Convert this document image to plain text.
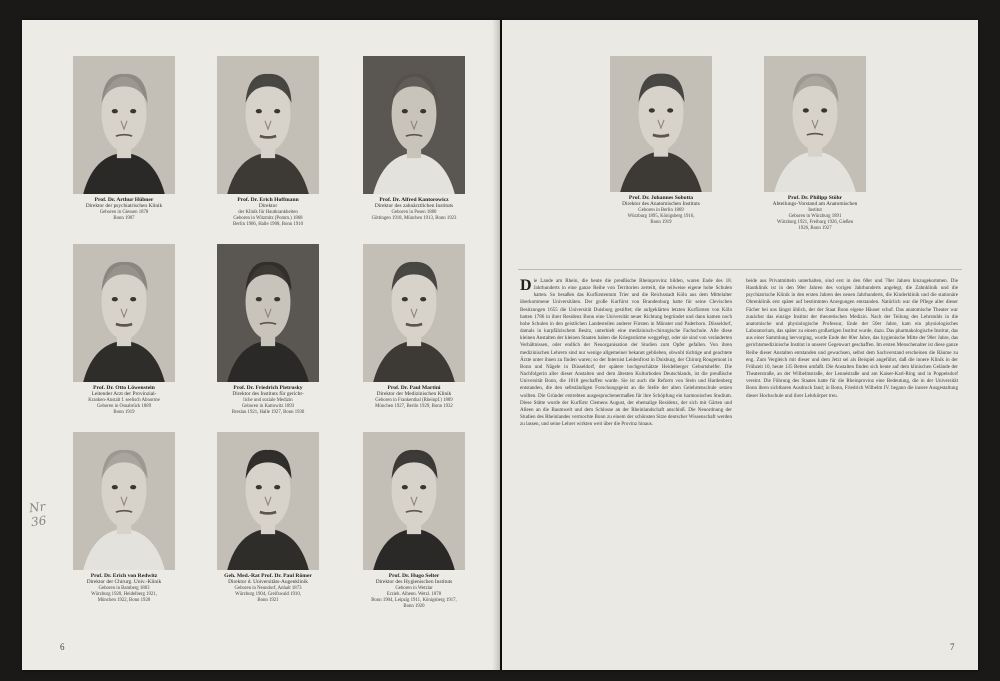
Prof. Dr. Arthur Hübner
Direktor der psychiatrischen Klinik
Geboren in Giessen 1878
Bonn 1907
Prof. Dr. Erich Hoffmann
Direktor
der Klinik für Hautkrankheiten
Geboren in Witzmitz (Pomm.) 1868
Berlin 1906, Halle 1908, Bonn 1910
Prof. Dr. Alfred Kantorowicz
Direktor des zahnärztlichen Instituts
Geboren in Posen 1880
Göttingen 1918, München 1913, Bonn 1923
Prof. Dr. Otto Löwenstein
Leitender Arzt der Provinzial-
Kranken-Anstalt f. seelisch Abnorme
Geboren in Osnabrück 1889
Bonn 1919
Prof. Dr. Friedrich Pietrusky
Direktor des Instituts für gericht-
liche und soziale Medizin
Geboren in Kattowitz 1893
Breslau 1921, Halle 1927, Bonn 1930
Prof. Dr. Paul Martini
Direktor der Medizinischen Klinik
Geboren in Frankenthal (Rheinpf.) 1889
München 1927, Berlin 1929, Bonn 1932
Prof. Dr. Erich von Redwitz
Direktor der Chirurg. Univ.-Klinik
Geboren in Bamberg 1883
Würzburg 1920, Heidelberg 1921,
München 1922, Bonn 1928
Geh. Med.-Rat Prof. Dr. Paul Römer
Direktor d. Universitäts-Augenklinik
Geboren in Neundorf, Anhalt 1873
Würzburg 1904, Greifswald 1910,
Bonn 1921
Prof. Dr. Hugo Selter
Direktor des Hygienischen Instituts
Geboren in Wetzlar
Erzieh. Alhenn. Wetzl. 1878
Bonn 1904, Leipzig 1911, Königsberg 1917,
Bonn 1920
Nr 36
6
Prof. Dr. Johannes Sobotta
Direktor des Anatomischen Instituts
Geboren in Berlin 1869
Würzburg 1895, Königsberg 1916,
Bonn 1919
Prof. Dr. Philipp Stöhr
Abteilungs-Vorstand am Anatomischen
Institut
Geboren in Würzburg 1891
Würzburg 1921, Freiburg 1926, Gießen
1926, Bonn 1927

Die Lande am Rhein, die heute die preußische Rheinprovinz bilden, waren Ende des 18. Jahrhunderts in eine ganze Reihe von Territorien zerteilt, die teilweise eigene hohe Schulen hatten. So besaßen das Kurfürstentum Trier und die Reichsstadt Köln aus dem Mittelalter überkommene Universitäten. Der große Kurfürst von Brandenburg hatte für seine Clevischen Besitzungen 1655 die Universität Duisburg gestiftet; die aufgeklärten letzten Kurfürsten von Köln hatten 1786 in ihrer Residenz Bonn eine Universität neuer Richtung begründet und dann kamen noch hohe Schulen in den geistlichen Landesteilen anderer Fürsten in Münster und Paderborn. Düsseldorf, damals in kurpfälzischem Besitz, unterhielt eine medizinisch-chirurgische Fachschule. Alle diese kleinen Anstalten der kleinen Staaten haben die Kriegsstürme weggefegt, oder sie sind von veränderten Verhältnissen, oder endlich der Neuorganisation der Studien zum Opfer gefallen. Von ihren medizinischen Lehrern sind nur wenige allgemeiner bekannt geblieben, obwohl tüchtige und geachtete Ärzte unter ihnen zu finden waren; so der Internist Leidenfrost in Duisburg, der Chirurg Rougemont in Bonn und Nägele in Düsseldorf, der spätere hochgeschätzte Heidelberger Geburtshelfer. Die Nachfolgerin aller dieser Anstalten und dem ältesten Kulturboden Deutschlands, ist die preußische Universität Bonn, die 1818 geschaffen wurde. Sie ist auch die Reform von Stein und Hardenberg entstanden, die den selbständigen Forschungsgeist an die Stelle der alten Gelehrtenschule setzen wollten. Die Gründer erstrebten ausgesprochenermaßen für ihre Schöpfung ein harmonisches Studium. Diese Stätte wurde der Kurfürst Clemens August, der ehemalige Residenz, der sich mit Gärten und Alleen an die Baumwelt und dem Schlosse an der Rheinlandschaft anschloß. Die Neuordnung der Studien des Rheinlandes vermochte Bonn zu einem der schönsten Sitze deutscher Wissenschaft werden zu lassen, und seine Lehrer wirkten weit über die Provinz hinaus.

beide aus Privatmitteln unterhalten, sind erst in den 60er und 70er Jahren hinzugekommen. Die Hautklinik ist in den 90er Jahren des vorigen Jahrhunderts angelegt, die Zahnklinik und die psychiatrische Klinik in den ersten Jahren des neuen Jahrhunderts, die Kinderklinik und die stationäre Ohrenklinik erst später auf bestimmten Anregungen entstanden. Natürlich war die Pflege aller dieser Fächer bei uns längst üblich, der der Staat Bonn eigene Häuser schuf. Das anatomische Theater war zunächst das einzige Institut der theoretischen Medizin. Nach der Teilung des Lehrstuhls in die anatomische und physiologische Professur, Ende der 50er Jahre, kam ein physiologisches Laboratorium, das später zu einem großartigen Institut wurde, dazu. Das pharmakologische Institut, das aus einer Sammlung hervorging, wurde Ende der 80er Jahre, das hygienische Mitte der 90er Jahre, das gerichtsmedizinische Institut in unserer Gegenwart geschaffen. Im ersten Menschenalter ist diese ganze Reihe dieser Anstalten entstanden und gewachsen, selbst dem Sachverstand erscheinen die Räume zu eng. Zum Vergleich mit dieser und dem Jetzt sei als Beispiel angeführt, daß die innere Klinik in der Frühzeit 10, heute 135 Betten umfaßt. Die Anstalten finden sich heute auf dem klinischen Gelände der Theaterstraße, an der Wilhelmstraße, der Lennéstraße und am Kaiser-Karl-Ring und in Poppelsdorf vereint. Die Führung des Staates hatte für die Rheinprovinz eine Bedeutung, die in der Universität Bonn ihren sichtbaren Ausdruck fand; in Bonn, Friedrich Wilhelm IV. begann die innere Ausgestaltung dieser Hochschule und ihrer Lehrkörper treu.

7
